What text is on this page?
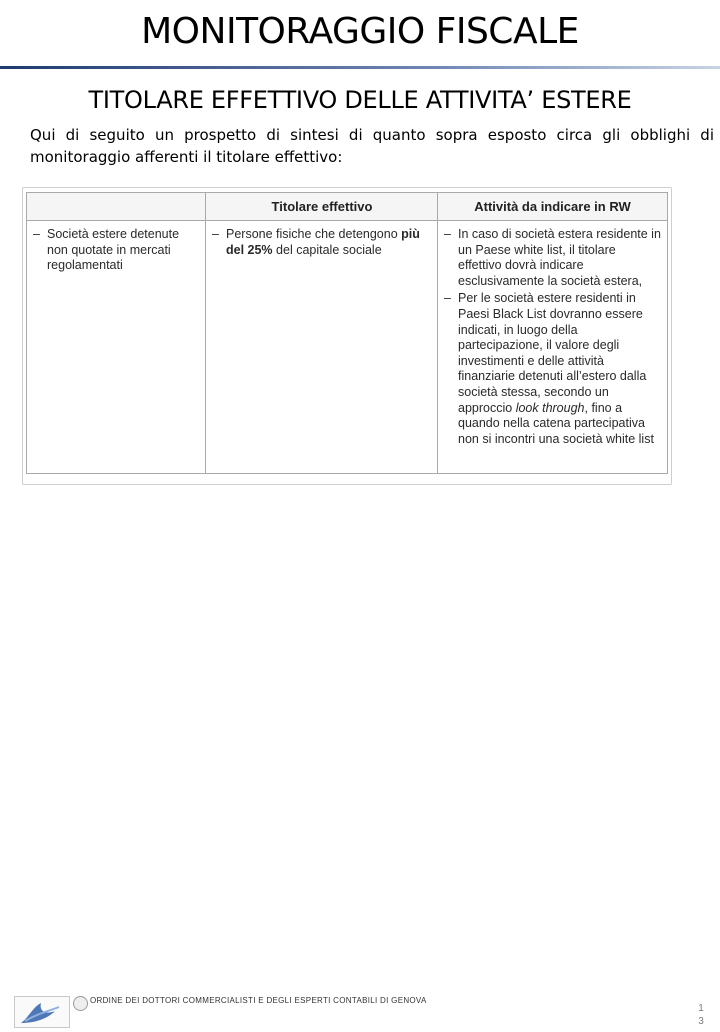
MONITORAGGIO FISCALE
TITOLARE EFFETTIVO DELLE ATTIVITA’ ESTERE
Qui di seguito un prospetto di sintesi di quanto sopra esposto circa gli obblighi di monitoraggio afferenti il titolare effettivo:
– Società estere detenute non quotate in mercati regolamentati
Titolare effettivo
– Persone fisiche che detengono più del 25% del capitale sociale
Attività da indicare in RW
– In caso di società estera residente in un Paese white list, il titolare effettivo dovrà indicare esclusivamente la società estera,
– Per le società estere residenti in Paesi Black List dovranno essere indicati, in luogo della partecipazione, il valore degli investimenti e delle attività finanziarie detenuti all’estero dalla società stessa, secondo un approccio look through, fino a quando nella catena partecipativa non si incontri una società white list
ORDINE DEI DOTTORI COMMERCIALISTI E DEGLI ESPERTI CONTABILI DI GENOVA
1
3
